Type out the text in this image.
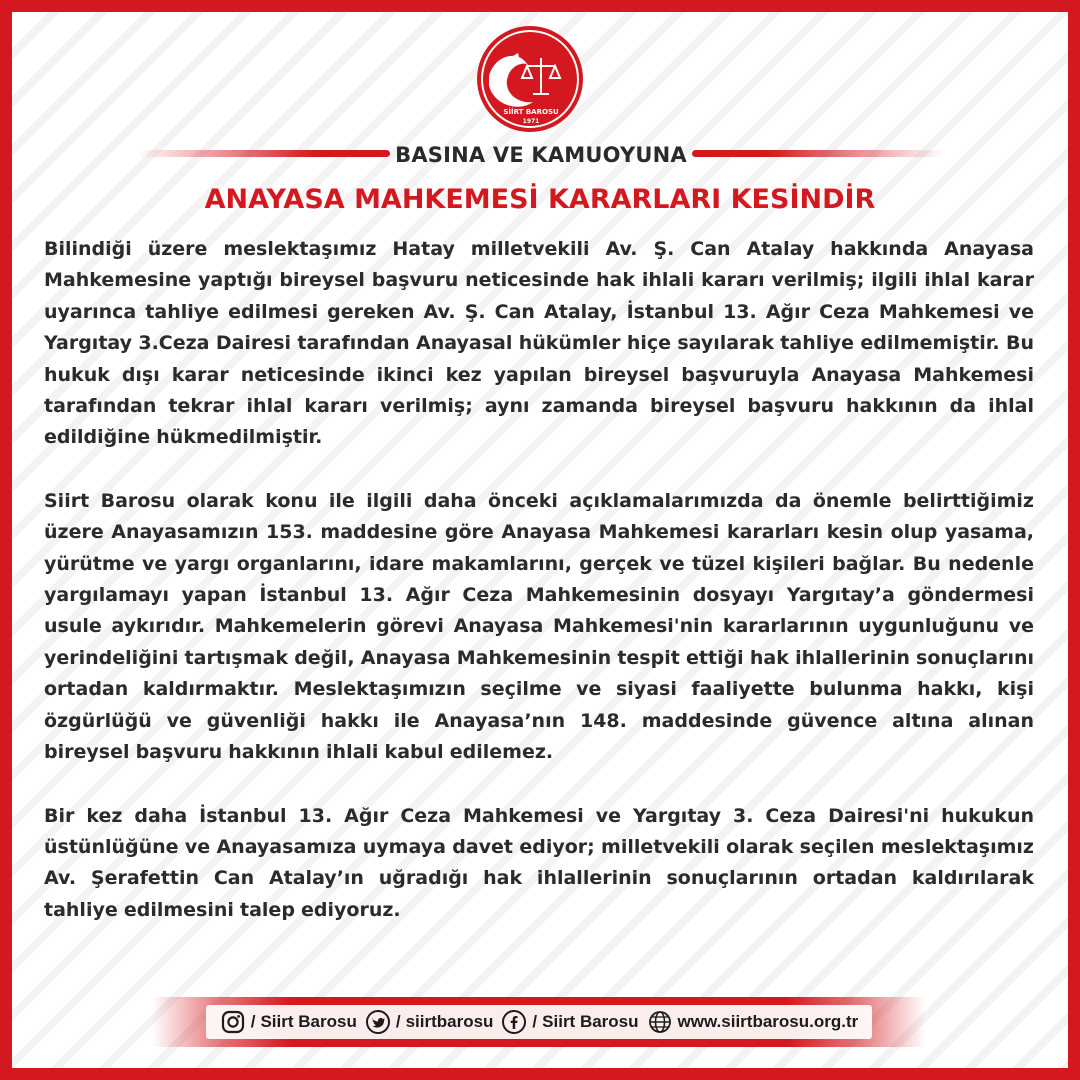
SİİRT BAROSU
1971
BASINA VE KAMUOYUNA
ANAYASA MAHKEMESİ KARARLARI KESİNDİR

Bilindiği üzere meslektaşımız Hatay milletvekili Av. Ş. Can Atalay hakkında Anayasa Mahkemesine yaptığı bireysel başvuru neticesinde hak ihlali kararı verilmiş; ilgili ihlal karar uyarınca tahliye edilmesi gereken Av. Ş. Can Atalay, İstanbul 13. Ağır Ceza Mahkemesi ve Yargıtay 3.Ceza Dairesi tarafından Anayasal hükümler hiçe sayılarak tahliye edilmemiştir. Bu hukuk dışı karar neticesinde ikinci kez yapılan bireysel başvuruyla Anayasa Mahkemesi tarafından tekrar ihlal kararı verilmiş; aynı zamanda bireysel başvuru hakkının da ihlal edildiğine hükmedilmiştir.

Siirt Barosu olarak konu ile ilgili daha önceki açıklamalarımızda da önemle belirttiğimiz üzere Anayasamızın 153. maddesine göre Anayasa Mahkemesi kararları kesin olup yasama, yürütme ve yargı organlarını, idare makamlarını, gerçek ve tüzel kişileri bağlar. Bu nedenle yargılamayı yapan İstanbul 13. Ağır Ceza Mahkemesinin dosyayı Yargıtay’a göndermesi usule aykırıdır. Mahkemelerin görevi Anayasa Mahkemesi'nin kararlarının uygunluğunu ve yerindeliğini tartışmak değil, Anayasa Mahkemesinin tespit ettiği hak ihlallerinin sonuçlarını ortadan kaldırmaktır. Meslektaşımızın seçilme ve siyasi faaliyette bulunma hakkı, kişi özgürlüğü ve güvenliği hakkı ile Anayasa’nın 148. maddesinde güvence altına alınan bireysel başvuru hakkının ihlali kabul edilemez.

Bir kez daha İstanbul 13. Ağır Ceza Mahkemesi ve Yargıtay 3. Ceza Dairesi'ni hukukun üstünlüğüne ve Anayasamıza uymaya davet ediyor; milletvekili olarak seçilen meslektaşımız Av. Şerafettin Can Atalay’ın uğradığı hak ihlallerinin sonuçlarının ortadan kaldırılarak tahliye edilmesini talep ediyoruz.

/ Siirt Barosu / siirtbarosu / Siirt Barosu www.siirtbarosu.org.tr
